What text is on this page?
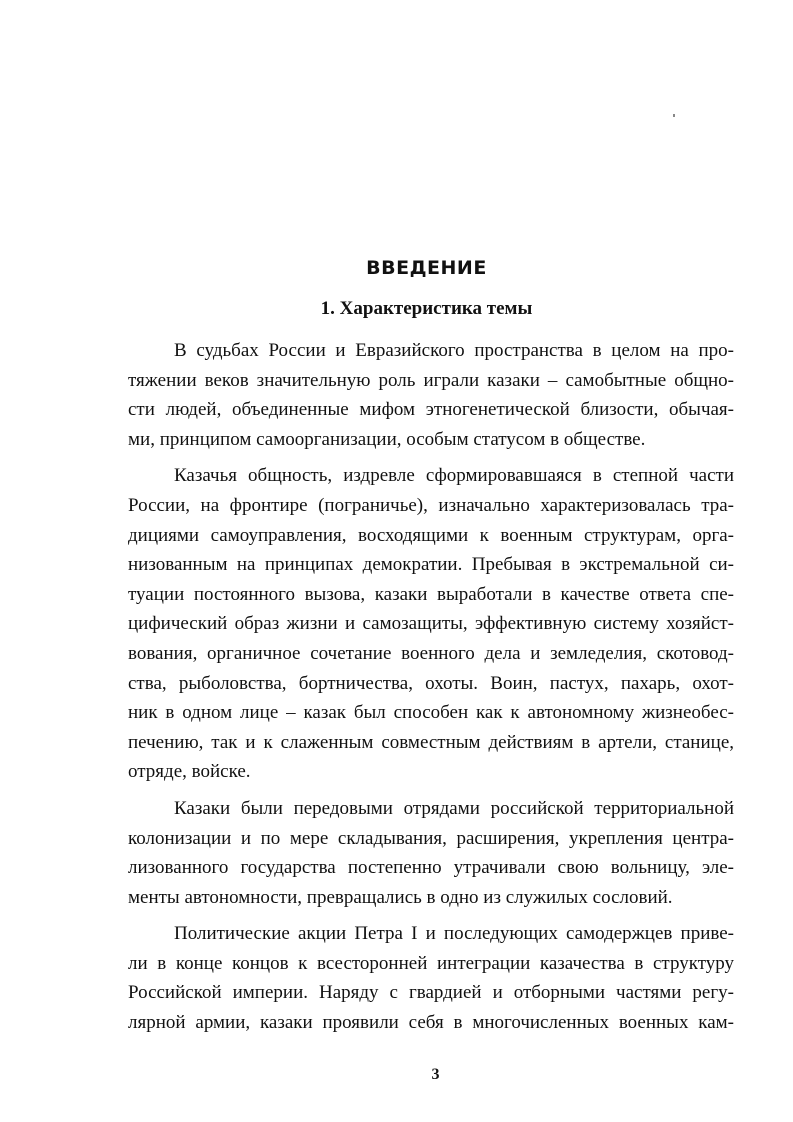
ВВЕДЕНИЕ
1. Характеристика темы
В судьбах России и Евразийского пространства в целом на про-
тяжении веков значительную роль играли казаки – самобытные общно-
сти людей, объединенные мифом этногенетической близости, обычая-
ми, принципом самоорганизации, особым статусом в обществе.
Казачья общность, издревле сформировавшаяся в степной части
России, на фронтире (пограничье), изначально характеризовалась тра-
дициями самоуправления, восходящими к военным структурам, орга-
низованным на принципах демократии. Пребывая в экстремальной си-
туации постоянного вызова, казаки выработали в качестве ответа спе-
цифический образ жизни и самозащиты, эффективную систему хозяйст-
вования, органичное сочетание военного дела и земледелия, скотовод-
ства, рыболовства, бортничества, охоты. Воин, пастух, пахарь, охот-
ник в одном лице – казак был способен как к автономному жизнеобес-
печению, так и к слаженным совместным действиям в артели, станице,
отряде, войске.
Казаки были передовыми отрядами российской территориальной
колонизации и по мере складывания, расширения, укрепления центра-
лизованного государства постепенно утрачивали свою вольницу, эле-
менты автономности, превращались в одно из служилых сословий.
Политические акции Петра I и последующих самодержцев приве-
ли в конце концов к всесторонней интеграции казачества в структуру
Российской империи. Наряду с гвардией и отборными частями регу-
лярной армии, казаки проявили себя в многочисленных военных кам-
3
